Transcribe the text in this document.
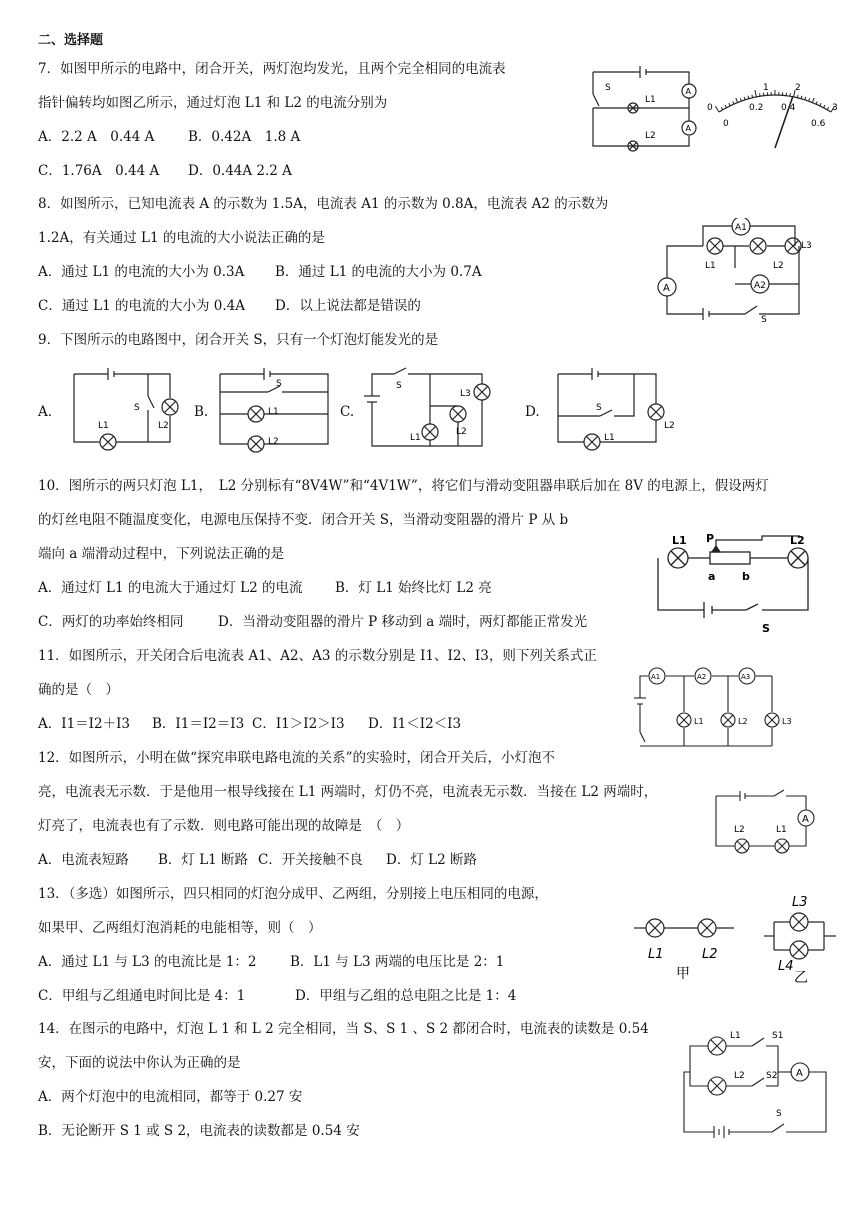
二、选择题
7．如图甲所示的电路中，闭合开关，两灯泡均发光，且两个完全相同的电流表
指针偏转均如图乙所示，通过灯泡 L1 和 L2 的电流分别为
A．2.2 A　0.44 A B．0.42A　1.8 A
C．1.76A　0.44 A D．0.44A 2.2 A
S
L1
L2
A
A
0
1	2
3
0
0.2 0.4
0.6
8．如图所示，已知电流表 A 的示数为 1.5A，电流表 A1 的示数为 0.8A，电流表 A2 的示数为
1.2A，有关通过 L1 的电流的大小说法正确的是
A．通过 L1 的电流的大小为 0.3A B．通过 L1 的电流的大小为 0.7A
C．通过 L1 的电流的大小为 0.4A D．以上说法都是错误的
A
A1
A2
L1	L2
L3
S
9．下图所示的电路图中，闭合开关 S，只有一个灯泡灯能发光的是
A.	S
L1	L2
B.
S
L1
L2
C.
S
L3
L2
L1
D.	S
L2
L1
10．图所示的两只灯泡 L1，　L2 分别标有“8V4W”和“4V1W”，将它们与滑动变阻器串联后加在 8V 的电源上，假设两灯
的灯丝电阻不随温度变化，电源电压保持不变．闭合开关 S，当滑动变阻器的滑片 P 从 b
端向 a 端滑动过程中，下列说法正确的是
A．通过灯 L1 的电流大于通过灯 L2 的电流 B．灯 L1 始终比灯 L2 亮
C．两灯的功率始终相同	D．当滑动变阻器的滑片 P 移动到 a 端时，两灯都能正常发光
L1	L2
P
a b
S
11．如图所示，开关闭合后电流表 A1、A2、A3 的示数分别是 I1、I2、I3，则下列关系式正
确的是（　）
A．I1＝I2＋I3 B．I1＝I2＝I3 C．I1＞I2＞I3 D．I1＜I2＜I3
A1	A2	A3
L1	L2	L3
12．如图所示，小明在做“探究串联电路电流的关系”的实验时，闭合开关后，小灯泡不
亮，电流表无示数．于是他用一根导线接在 L1 两端时，灯仍不亮，电流表无示数．当接在 L2 两端时，
灯亮了，电流表也有了示数．则电路可能出现的故障是　（　）
A．电流表短路 B．灯 L1 断路 C．开关接触不良 D．灯 L2 断路
A
L2	L1
13．（多选）如图所示，四只相同的灯泡分成甲、乙两组，分别接上电压相同的电源，
如果甲、乙两组灯泡消耗的电能相等，则（　）
A．通过 L1 与 L3 的电流比是 1：2 B．L1 与 L3 两端的电压比是 2：1
C．甲组与乙组通电时间比是 4：1	D．甲组与乙组的总电阻之比是 1：4
L1	L2
甲
L3
L4
乙
14．在图示的电路中，灯泡 L 1 和 L 2 完全相同，当 S、S 1 、S 2 都闭合时，电流表的读数是 0.54
安，下面的说法中你认为正确的是
A．两个灯泡中的电流相同，都等于 0.27 安
B．无论断开 S 1 或 S 2，电流表的读数都是 0.54 安
L1	S1
L2 S2 A
S
